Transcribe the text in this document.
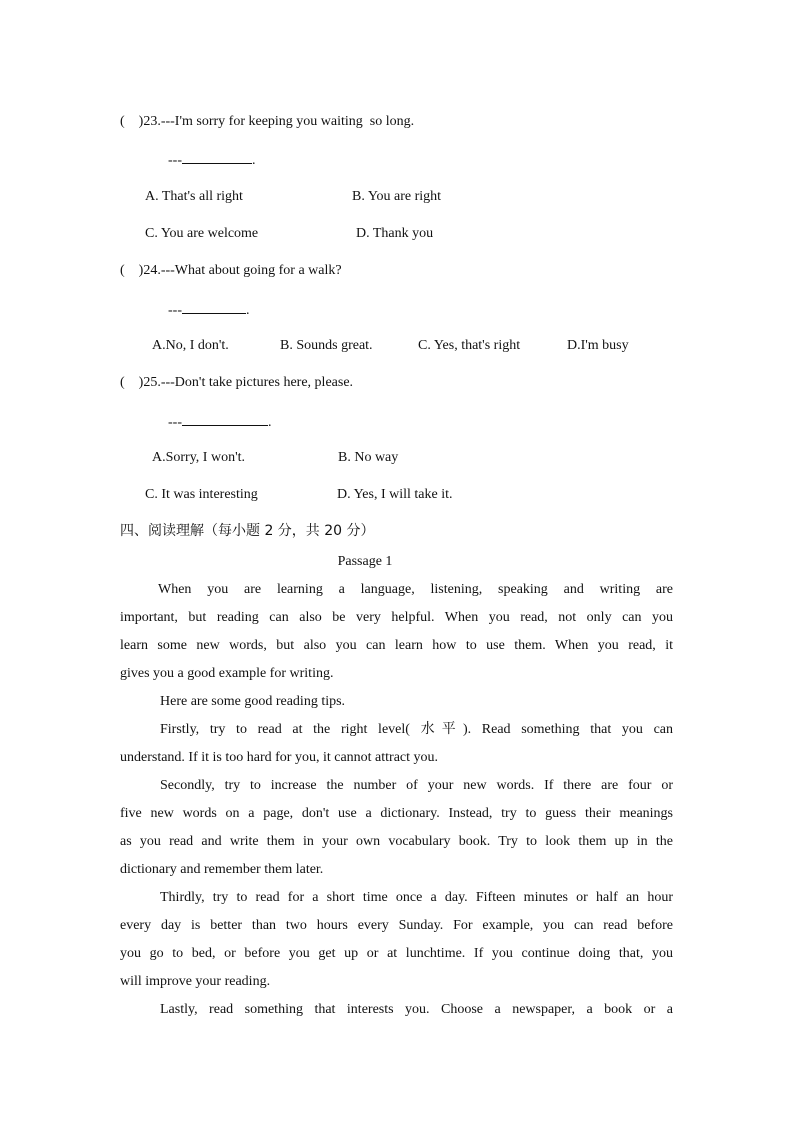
(    )23.---I'm sorry for keeping you waiting  so long.
---	.
A. That's all right	B. You are right
C. You are welcome	D. Thank you
(    )24.---What about going for a walk?
---	.
A.No, I don't.	B. Sounds great.	C. Yes, that's right	D.I'm busy
(    )25.---Don't take pictures here, please.
---	.
A.Sorry, I won't.	B. No way
C. It was interesting	D. Yes, I will take it.
四、阅读理解（每小题 2 分，共 20 分）
Passage 1
When you are learning a language, listening, speaking and writing are
important, but reading can also be very helpful. When you read, not only can you
learn some new words, but also you can learn how to use them. When you read, it
gives you a good example for writing.
Here are some good reading tips.
Firstly, try to read at the right level( 水平). Read something that you can
understand. If it is too hard for you, it cannot attract you.
Secondly, try to increase the number of your new words. If there are four or
five new words on a page, don't use a dictionary. Instead, try to guess their meanings
as you read and write them in your own vocabulary book. Try to look them up in the
dictionary and remember them later.
Thirdly, try to read for a short time once a day. Fifteen minutes or half an hour
every day is better than two hours every Sunday. For example, you can read before
you go to bed, or before you get up or at lunchtime. If you continue doing that, you
will improve your reading.
Lastly, read something that interests you. Choose a newspaper, a book or a
